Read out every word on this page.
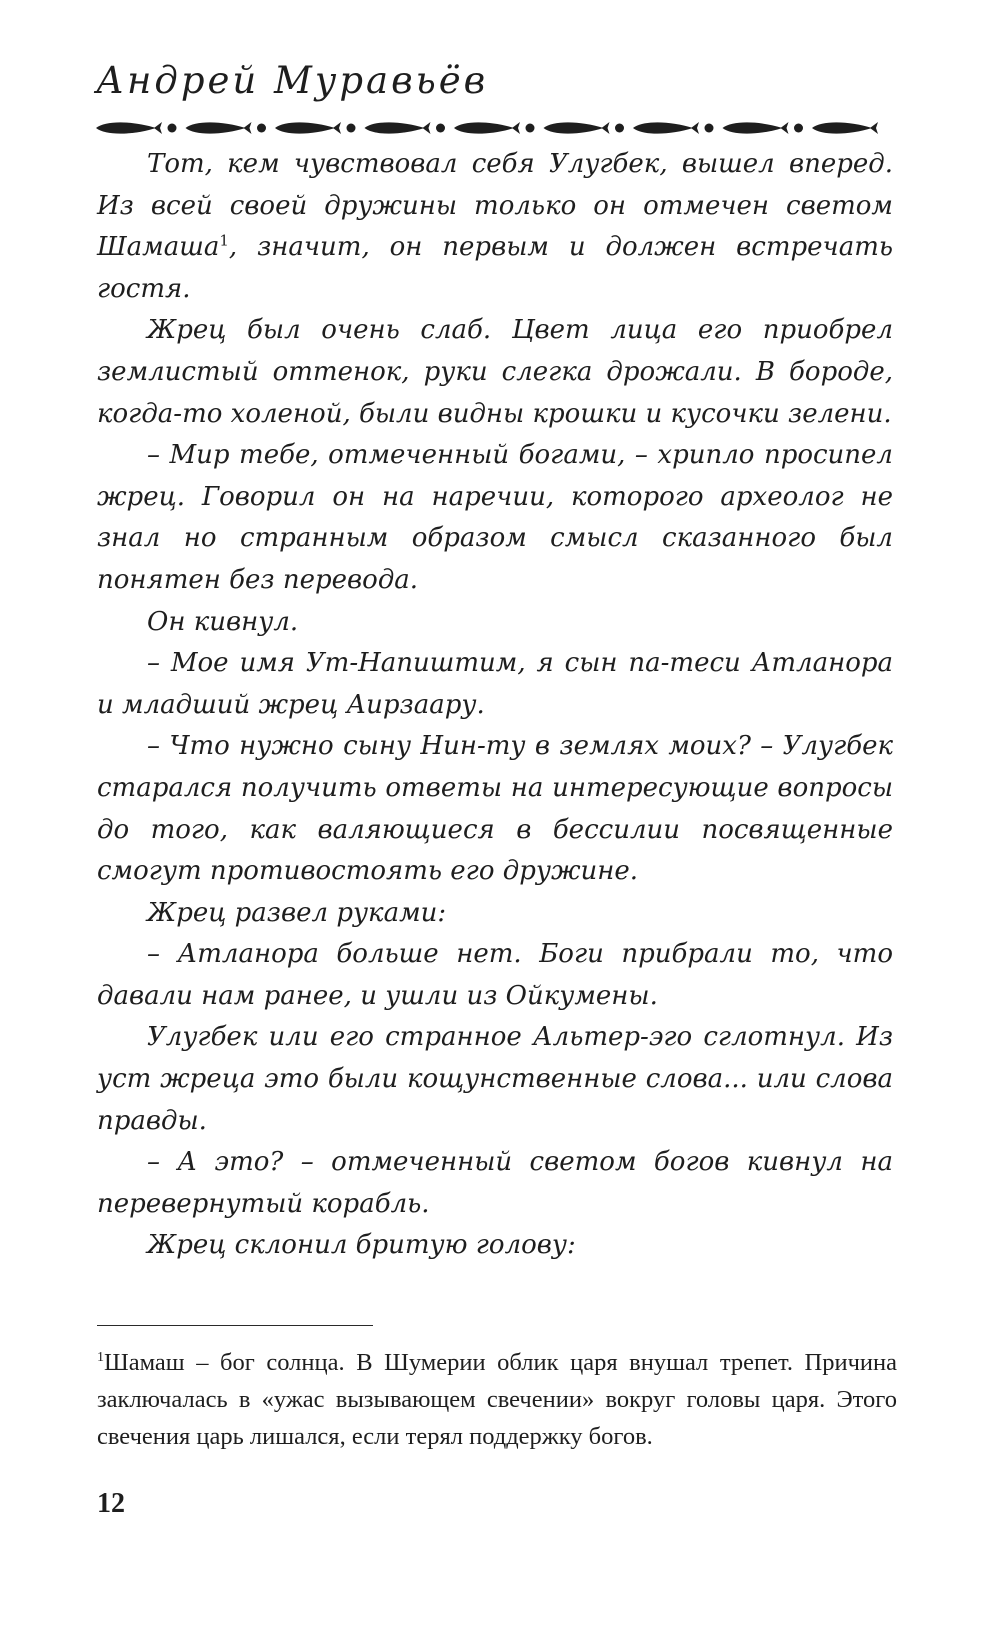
Андрей Муравьёв

Тот, кем чувствовал себя Улугбек, вышел вперед. Из всей своей дружины только он отмечен светом Шамаша$^1$, значит, он первым и должен встречать гостя.

Жрец был очень слаб. Цвет лица его приобрел землистый оттенок, руки слегка дрожали. В бороде, когда-то холеной, были видны крошки и кусочки зелени.

– Мир тебе, отмеченный богами, – хрипло просипел жрец. Говорил он на наречии, которого археолог не знал но странным образом смысл сказанного был понятен без перевода.

Он кивнул.

– Мое имя Ут-Напиштим, я сын па-теси Атланора и младший жрец Аирзаару.

– Что нужно сыну Нин-ту в землях моих? – Улугбек старался получить ответы на интересующие вопросы до того, как валяющиеся в бессилии посвященные смогут противостоять его дружине.

Жрец развел руками:

– Атланора больше нет. Боги прибрали то, что давали нам ранее, и ушли из Ойкумены.

Улугбек или его странное Альтер-эго сглотнул. Из уст жреца это были кощунственные слова... или слова правды.

– А это? – отмеченный светом богов кивнул на перевернутый корабль.

Жрец склонил бритую голову:

$^1$Шамаш – бог солнца. В Шумерии облик царя внушал трепет. Причина заключалась в «ужас вызывающем свечении» вокруг головы царя. Этого свечения царь лишался, если терял поддержку богов.

12
